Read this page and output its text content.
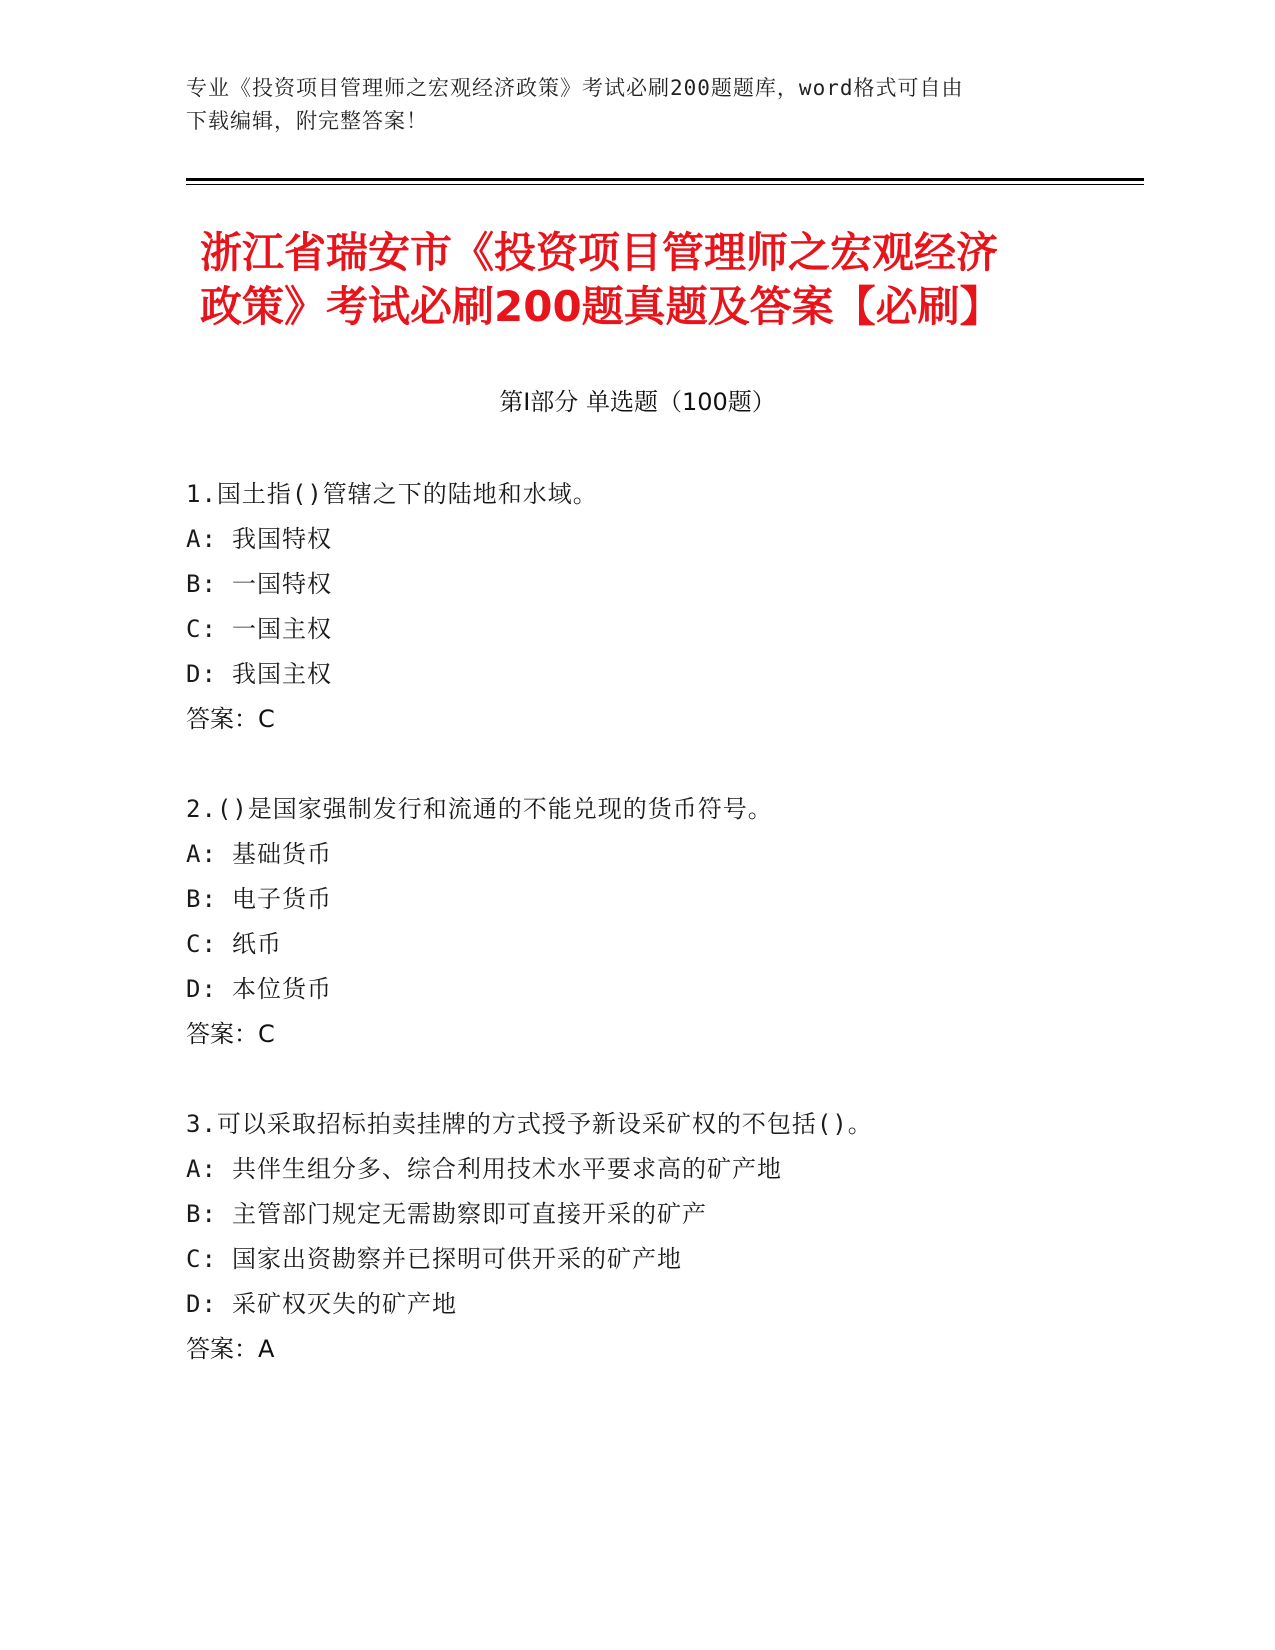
专业《投资项目管理师之宏观经济政策》考试必刷200题题库，word格式可自由
下载编辑，附完整答案！
浙江省瑞安市《投资项目管理师之宏观经济
政策》考试必刷200题真题及答案【必刷】
第Ⅰ部分 单选题（100题）
1.国土指()管辖之下的陆地和水域。
A: 我国特权
B: 一国特权
C: 一国主权
D: 我国主权
答案：C
2.()是国家强制发行和流通的不能兑现的货币符号。
A: 基础货币
B: 电子货币
C: 纸币
D: 本位货币
答案：C
3.可以采取招标拍卖挂牌的方式授予新设采矿权的不包括()。
A: 共伴生组分多、综合利用技术水平要求高的矿产地
B: 主管部门规定无需勘察即可直接开采的矿产
C: 国家出资勘察并已探明可供开采的矿产地
D: 采矿权灭失的矿产地
答案：A
